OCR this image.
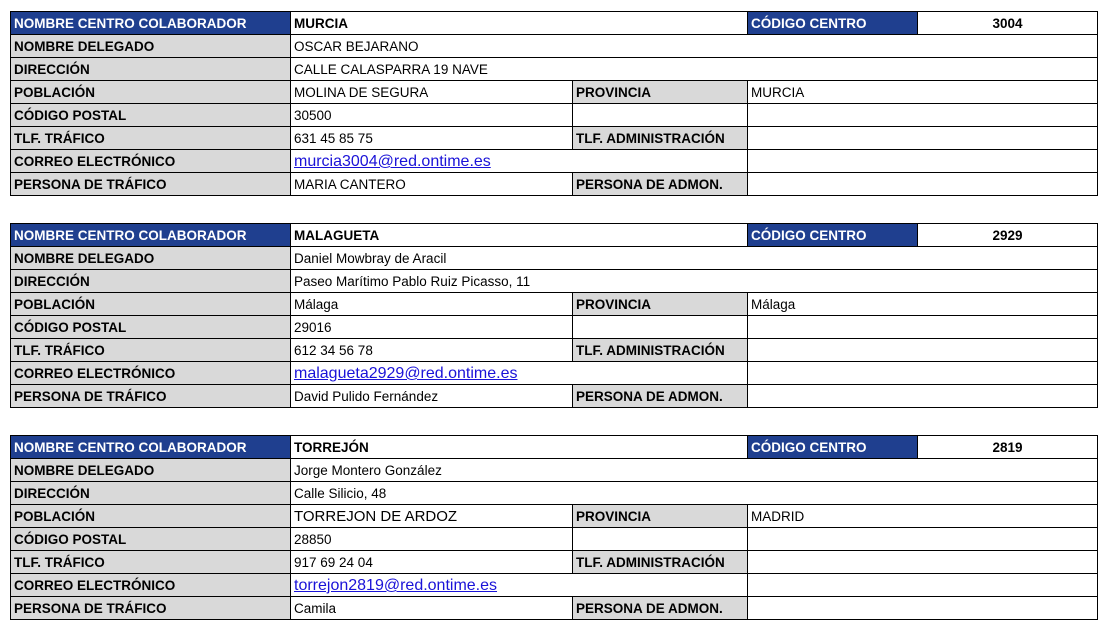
NOMBRE CENTRO COLABORADOR	MURCIA		CÓDIGO CENTRO	3004
NOMBRE DELEGADO	OSCAR BEJARANO			
DIRECCIÓN	CALLE CALASPARRA 19 NAVE			
POBLACIÓN	MOLINA DE SEGURA	PROVINCIA	MURCIA	
CÓDIGO POSTAL	30500			
TLF. TRÁFICO	631 45 85 75	TLF. ADMINISTRACIÓN		
CORREO ELECTRÓNICO	murcia3004@red.ontime.es			
PERSONA DE TRÁFICO	MARIA CANTERO	PERSONA DE ADMON.		
NOMBRE CENTRO COLABORADOR	MALAGUETA		CÓDIGO CENTRO	2929
NOMBRE DELEGADO	Daniel Mowbray de Aracil			
DIRECCIÓN	Paseo Marítimo Pablo Ruiz Picasso, 11			
POBLACIÓN	Málaga	PROVINCIA	Málaga	
CÓDIGO POSTAL	29016			
TLF. TRÁFICO	612 34 56 78	TLF. ADMINISTRACIÓN		
CORREO ELECTRÓNICO	malagueta2929@red.ontime.es			
PERSONA DE TRÁFICO	David Pulido Fernández	PERSONA DE ADMON.		
NOMBRE CENTRO COLABORADOR	TORREJÓN		CÓDIGO CENTRO	2819
NOMBRE DELEGADO	Jorge Montero González			
DIRECCIÓN	Calle Silicio, 48			
POBLACIÓN	TORREJON DE ARDOZ	PROVINCIA	MADRID	
CÓDIGO POSTAL	28850			
TLF. TRÁFICO	917 69 24 04	TLF. ADMINISTRACIÓN		
CORREO ELECTRÓNICO	torrejon2819@red.ontime.es			
PERSONA DE TRÁFICO	Camila	PERSONA DE ADMON.		
